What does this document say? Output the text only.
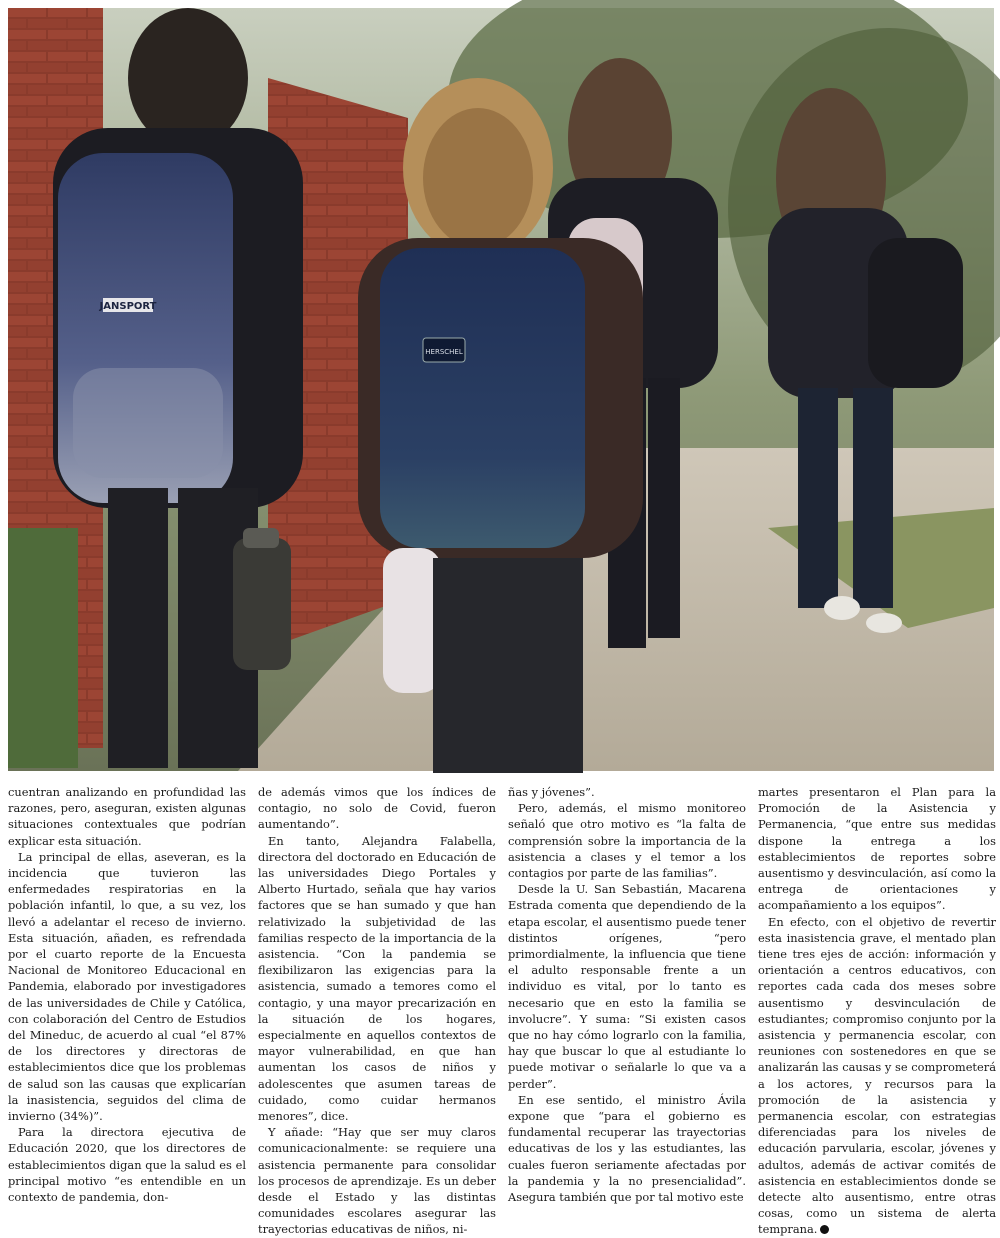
JANSPORT
HERSCHEL

cuentran analizando en profundidad las razones, pero, aseguran, existen algunas situaciones contextuales que podrían explicar esta situación.

La principal de ellas, aseveran, es la incidencia que tuvieron las enfermedades respiratorias en la población infantil, lo que, a su vez, los llevó a adelantar el receso de invierno. Esta situación, añaden, es refrendada por el cuarto reporte de la Encuesta Nacional de Monitoreo Educacional en Pandemia, elaborado por investigadores de las universidades de Chile y Católica, con colaboración del Centro de Estudios del Mineduc, de acuerdo al cual “el 87% de los directores y directoras de establecimientos dice que los problemas de salud son las causas que explicarían la inasistencia, seguidos del clima de invierno (34%)”.

Para la directora ejecutiva de Educación 2020, que los directores de establecimientos digan que la salud es el principal motivo “es entendible en un contexto de pandemia, don-

de además vimos que los índices de contagio, no solo de Covid, fueron aumentando”.

En tanto, Alejandra Falabella, directora del doctorado en Educación de las universidades Diego Portales y Alberto Hurtado, señala que hay varios factores que se han sumado y que han relativizado la subjetividad de las familias respecto de la importancia de la asistencia. “Con la pandemia se flexibilizaron las exigencias para la asistencia, sumado a temores como el contagio, y una mayor precarización en la situación de los hogares, especialmente en aquellos contextos de mayor vulnerabilidad, en que han aumentan los casos de niños y adolescentes que asumen tareas de cuidado, como cuidar hermanos menores”, dice.

Y añade: “Hay que ser muy claros comunicacionalmente: se requiere una asistencia permanente para consolidar los procesos de aprendizaje. Es un deber desde el Estado y las distintas comunidades escolares asegurar las trayectorias educativas de niños, ni-

ñas y jóvenes”.

Pero, además, el mismo monitoreo señaló que otro motivo es “la falta de comprensión sobre la importancia de la asistencia a clases y el temor a los contagios por parte de las familias”.

Desde la U. San Sebastián, Macarena Estrada comenta que dependiendo de la etapa escolar, el ausentismo puede tener distintos orígenes, “pero primordialmente, la influencia que tiene el adulto responsable frente a un individuo es vital, por lo tanto es necesario que en esto la familia se involucre”. Y suma: “Si existen casos que no hay cómo lograrlo con la familia, hay que buscar lo que al estudiante lo puede motivar o señalarle lo que va a perder”.

En ese sentido, el ministro Ávila expone que “para el gobierno es fundamental recuperar las trayectorias educativas de los y las estudiantes, las cuales fueron seriamente afectadas por la pandemia y la no presencialidad”. Asegura también que por tal motivo este

martes presentaron el Plan para la Promoción de la Asistencia y Permanencia, “que entre sus medidas dispone la entrega a los establecimientos de reportes sobre ausentismo y desvinculación, así como la entrega de orientaciones y acompañamiento a los equipos”.

En efecto, con el objetivo de revertir esta inasistencia grave, el mentado plan tiene tres ejes de acción: información y orientación a centros educativos, con reportes cada cada dos meses sobre ausentismo y desvinculación de estudiantes; compromiso conjunto por la asistencia y permanencia escolar, con reuniones con sostenedores en que se analizarán las causas y se comprometerá a los actores, y recursos para la promoción de la asistencia y permanencia escolar, con estrategias diferenciadas para los niveles de educación parvularia, escolar, jóvenes y adultos, además de activar comités de asistencia en establecimientos donde se detecte alto ausentismo, entre otras cosas, como un sistema de alerta temprana.
